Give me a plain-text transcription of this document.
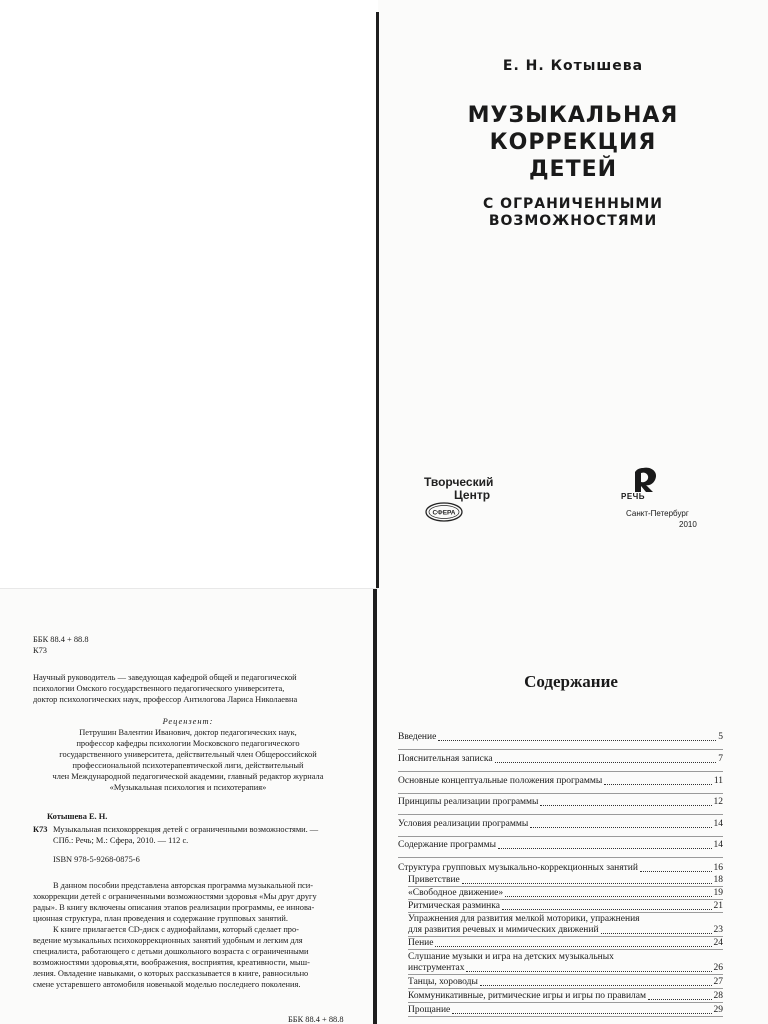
Е. Н. Котышева
МУЗЫКАЛЬНАЯ
КОРРЕКЦИЯ
ДЕТЕЙ
С ОГРАНИЧЕННЫМИ
ВОЗМОЖНОСТЯМИ
Творческий
Центр
СФЕРА
РЕЧЬ
Санкт-Петербург
2010
ББК 88.4 + 88.8
К73
Научный руководитель — заведующая кафедрой общей и педагогической
психологии Омского государственного педагогического университета,
доктор психологических наук, профессор Антилогова Лариса Николаевна
Рецензент:
Петрушин Валентин Иванович, доктор педагогических наук,
профессор кафедры психологии Московского педагогического
государственного университета, действительный член Общероссийской
профессиональной психотерапевтической лиги, действительный
член Международной педагогической академии, главный редактор журнала
«Музыкальная психология и психотерапия»
Котышева Е. Н.
К73 Музыкальная психокоррекция детей с ограниченными возможностями. —
СПб.: Речь; М.: Сфера, 2010. — 112 с.
ISBN 978-5-9268-0875-6
В данном пособии представлена авторская программа музыкальной пси-
хокоррекции детей с ограниченными возможностями здоровья «Мы друг другу
рады». В книгу включены описания этапов реализации программы, ее иннова-
ционная структура, план проведения и содержание групповых занятий.
К книге прилагается CD-диск с аудиофайлами, который сделает про-
ведение музыкальных психокоррекционных занятий удобным и легким для
специалиста, работающего с детьми дошкольного возраста с ограниченными
возможностями здоровья,яти, воображения, восприятия, креативности, мыш-
ления. Овладение навыками, о которых рассказывается в книге, равносильно
смене устаревшего автомобиля новенькой моделью последнего поколения.
ББК 88.4 + 88.8
Содержание
Введение	5
Пояснительная записка	7
Основные концептуальные положения программы	11
Принципы реализации программы	12
Условия реализации программы	14
Содержание программы	14
Структура групповых музыкально-коррекционных занятий	16
Приветствие	18
«Свободное движение»	19
Ритмическая разминка	21
Упражнения для развития мелкой моторики, упражнения
для развития речевых и мимических движений	23
Пение	24
Слушание музыки и игра на детских музыкальных
инструментах	26
Танцы, хороводы	27
Коммуникативные, ритмические игры и игры по правилам	28
Прощание	29
